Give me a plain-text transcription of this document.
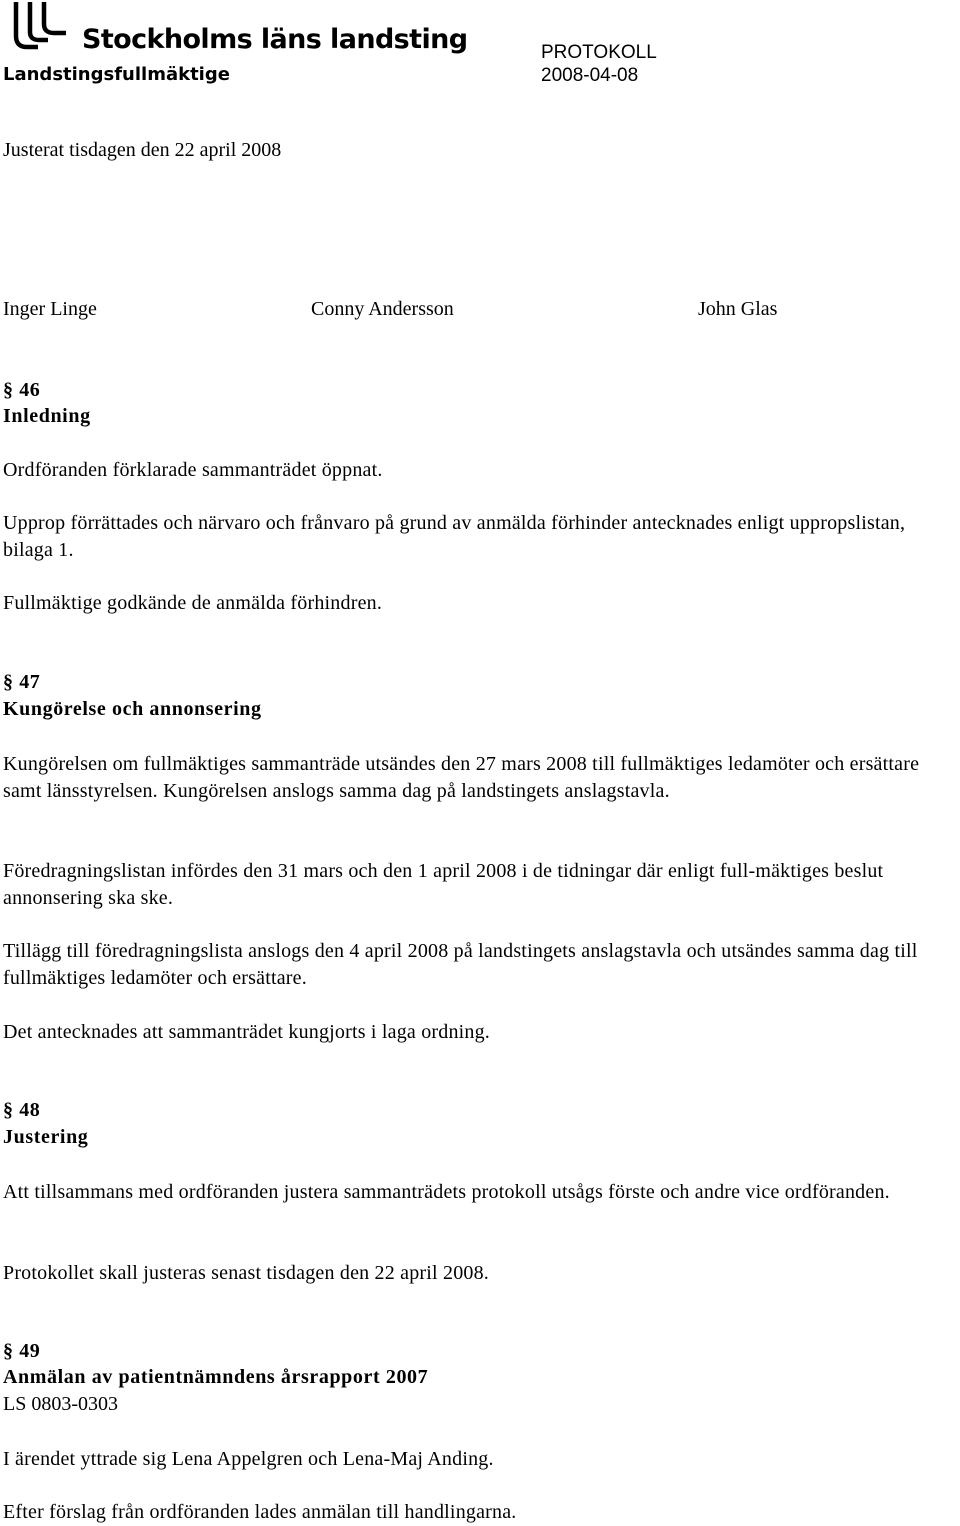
Stockholms läns landsting
Landstingsfullmäktige
PROTOKOLL
2008-04-08
Justerat tisdagen den 22 april 2008
Inger Linge	Conny Andersson	John Glas
§ 46
Inledning
Ordföranden förklarade sammanträdet öppnat.
Upprop förrättades och närvaro och frånvaro på grund av anmälda förhinder antecknades enligt uppropslistan, bilaga 1.
Fullmäktige godkände de anmälda förhindren.
§ 47
Kungörelse och annonsering
Kungörelsen om fullmäktiges sammanträde utsändes den 27 mars 2008 till fullmäktiges ledamöter och ersättare samt länsstyrelsen. Kungörelsen anslogs samma dag på landstingets anslagstavla.
Föredragningslistan infördes den 31 mars och den 1 april 2008 i de tidningar där enligt full-mäktiges beslut annonsering ska ske.
Tillägg till föredragningslista anslogs den 4 april 2008 på landstingets anslagstavla och utsändes samma dag till fullmäktiges ledamöter och ersättare.
Det antecknades att sammanträdet kungjorts i laga ordning.
§ 48
Justering
Att tillsammans med ordföranden justera sammanträdets protokoll utsågs förste och andre vice ordföranden.
Protokollet skall justeras senast tisdagen den 22 april 2008.
§ 49
Anmälan av patientnämndens årsrapport 2007
LS 0803-0303
I ärendet yttrade sig Lena Appelgren och Lena-Maj Anding.
Efter förslag från ordföranden lades anmälan till handlingarna.
